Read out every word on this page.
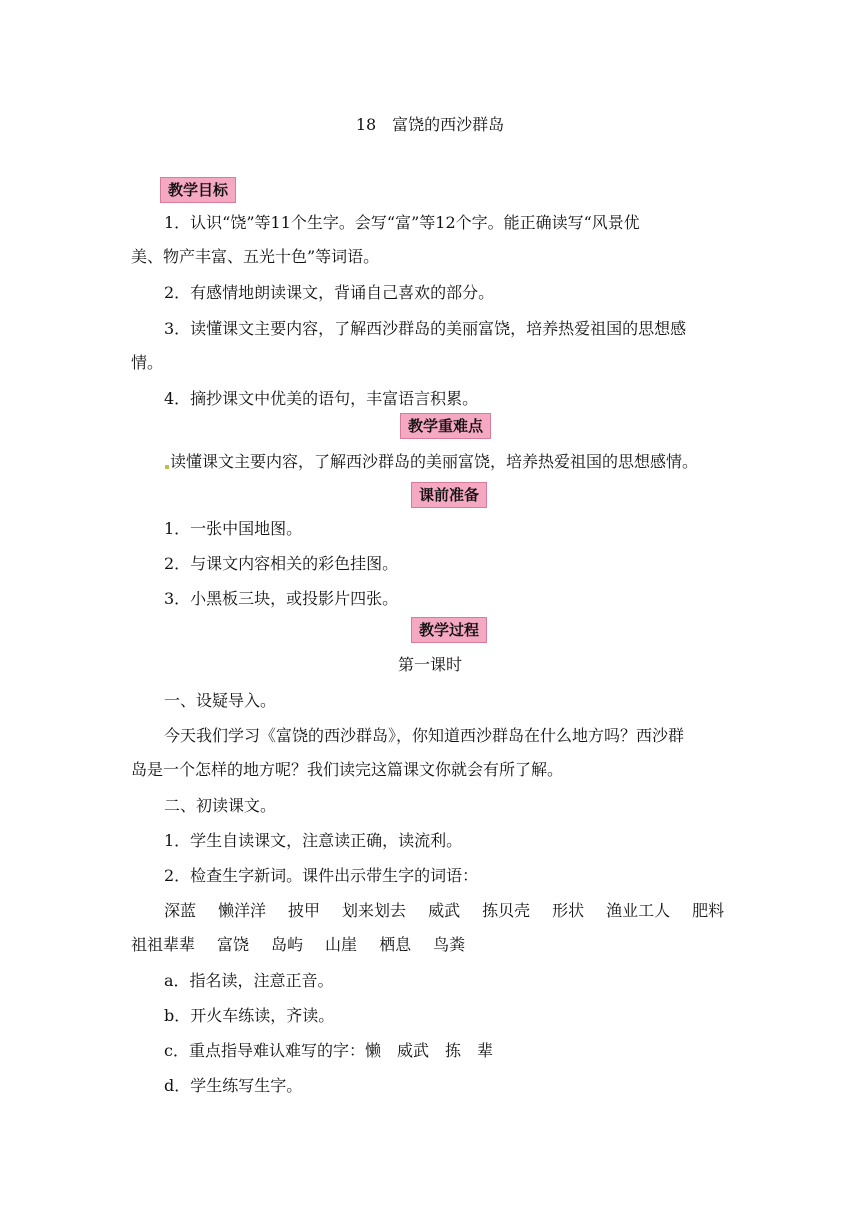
18　富饶的西沙群岛
教学目标
1．认识“饶”等11个生字。会写“富”等12个字。能正确读写“风景优
美、物产丰富、五光十色”等词语。
2．有感情地朗读课文，背诵自己喜欢的部分。
3．读懂课文主要内容，了解西沙群岛的美丽富饶，培养热爱祖国的思想感
情。
4．摘抄课文中优美的语句，丰富语言积累。
教学重难点
读懂课文主要内容，了解西沙群岛的美丽富饶，培养热爱祖国的思想感情。
课前准备
1．一张中国地图。
2．与课文内容相关的彩色挂图。
3．小黑板三块，或投影片四张。
教学过程
第一课时
一、设疑导入。
今天我们学习《富饶的西沙群岛》，你知道西沙群岛在什么地方吗？西沙群
岛是一个怎样的地方呢？我们读完这篇课文你就会有所了解。
二、初读课文。
1．学生自读课文，注意读正确，读流利。
2．检查生字新词。课件出示带生字的词语：
深蓝 懒洋洋 披甲 划来划去 威武 拣贝壳 形状 渔业工人 肥料
祖祖辈辈 富饶 岛屿 山崖 栖息 鸟粪
a．指名读，注意正音。
b．开火车练读，齐读。
c．重点指导难认难写的字：懒　威武　拣　辈
d．学生练写生字。
